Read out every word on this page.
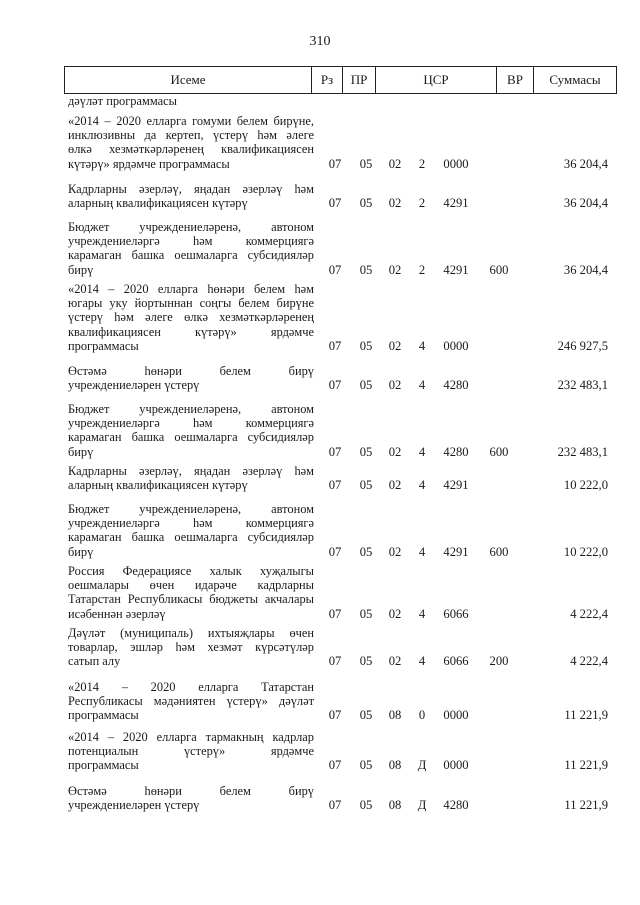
310
Исеме	Рз	ПР	ЦСР	ВР	Суммасы
дәүләт программасы
«2014 – 2020 елларга гомуми белем бирүне,
инклюзивны да кертеп, үстерү һәм әлеге
өлкә хезмәткәрләренең квалификациясен
күтәрү» ярдәмче программасы	07	05	02	2	0000	36 204,4
Кадрларны әзерләү, яңадан әзерләү һәм
аларның квалификациясен күтәрү	07	05	02	2	4291	36 204,4
Бюджет учреждениеләренә, автоном
учреждениеләргә һәм коммерциягә
карамаган башка оешмаларга субсидияләр
бирү	07	05	02	2	4291	600	36 204,4
«2014 – 2020 елларга һөнәри белем һәм
югары уку йортыннан соңгы белем бирүне
үстерү һәм әлеге өлкә хезмәткәрләренең
квалификациясен күтәрү» ярдәмче
программасы	07	05	02	4	0000	246 927,5
Өстәмә һөнәри белем бирү
учреждениеләрен үстерү	07	05	02	4	4280	232 483,1
Бюджет учреждениеләренә, автоном
учреждениеләргә һәм коммерциягә
карамаган башка оешмаларга субсидияләр
бирү	07	05	02	4	4280	600	232 483,1
Кадрларны әзерләү, яңадан әзерләү һәм
аларның квалификациясен күтәрү	07	05	02	4	4291	10 222,0
Бюджет учреждениеләренә, автоном
учреждениеләргә һәм коммерциягә
карамаган башка оешмаларга субсидияләр
бирү	07	05	02	4	4291	600	10 222,0
Россия Федерациясе халык хуҗалыгы
оешмалары өчен идарәче кадрларны
Татарстан Республикасы бюджеты акчалары
исәбеннән әзерләү	07	05	02	4	6066	4 222,4
Дәүләт (муниципаль) ихтыяҗлары өчен
товарлар, эшләр һәм хезмәт күрсәтүләр
сатып алу	07	05	02	4	6066	200	4 222,4
«2014 – 2020 елларга Татарстан
Республикасы мәдәниятен үстерү» дәүләт
программасы	07	05	08	0	0000	11 221,9
«2014 – 2020 елларга тармакның кадрлар
потенциалын үстерү» ярдәмче
программасы	07	05	08	Д	0000	11 221,9
Өстәмә һөнәри белем бирү
учреждениеләрен үстерү	07	05	08	Д	4280	11 221,9
